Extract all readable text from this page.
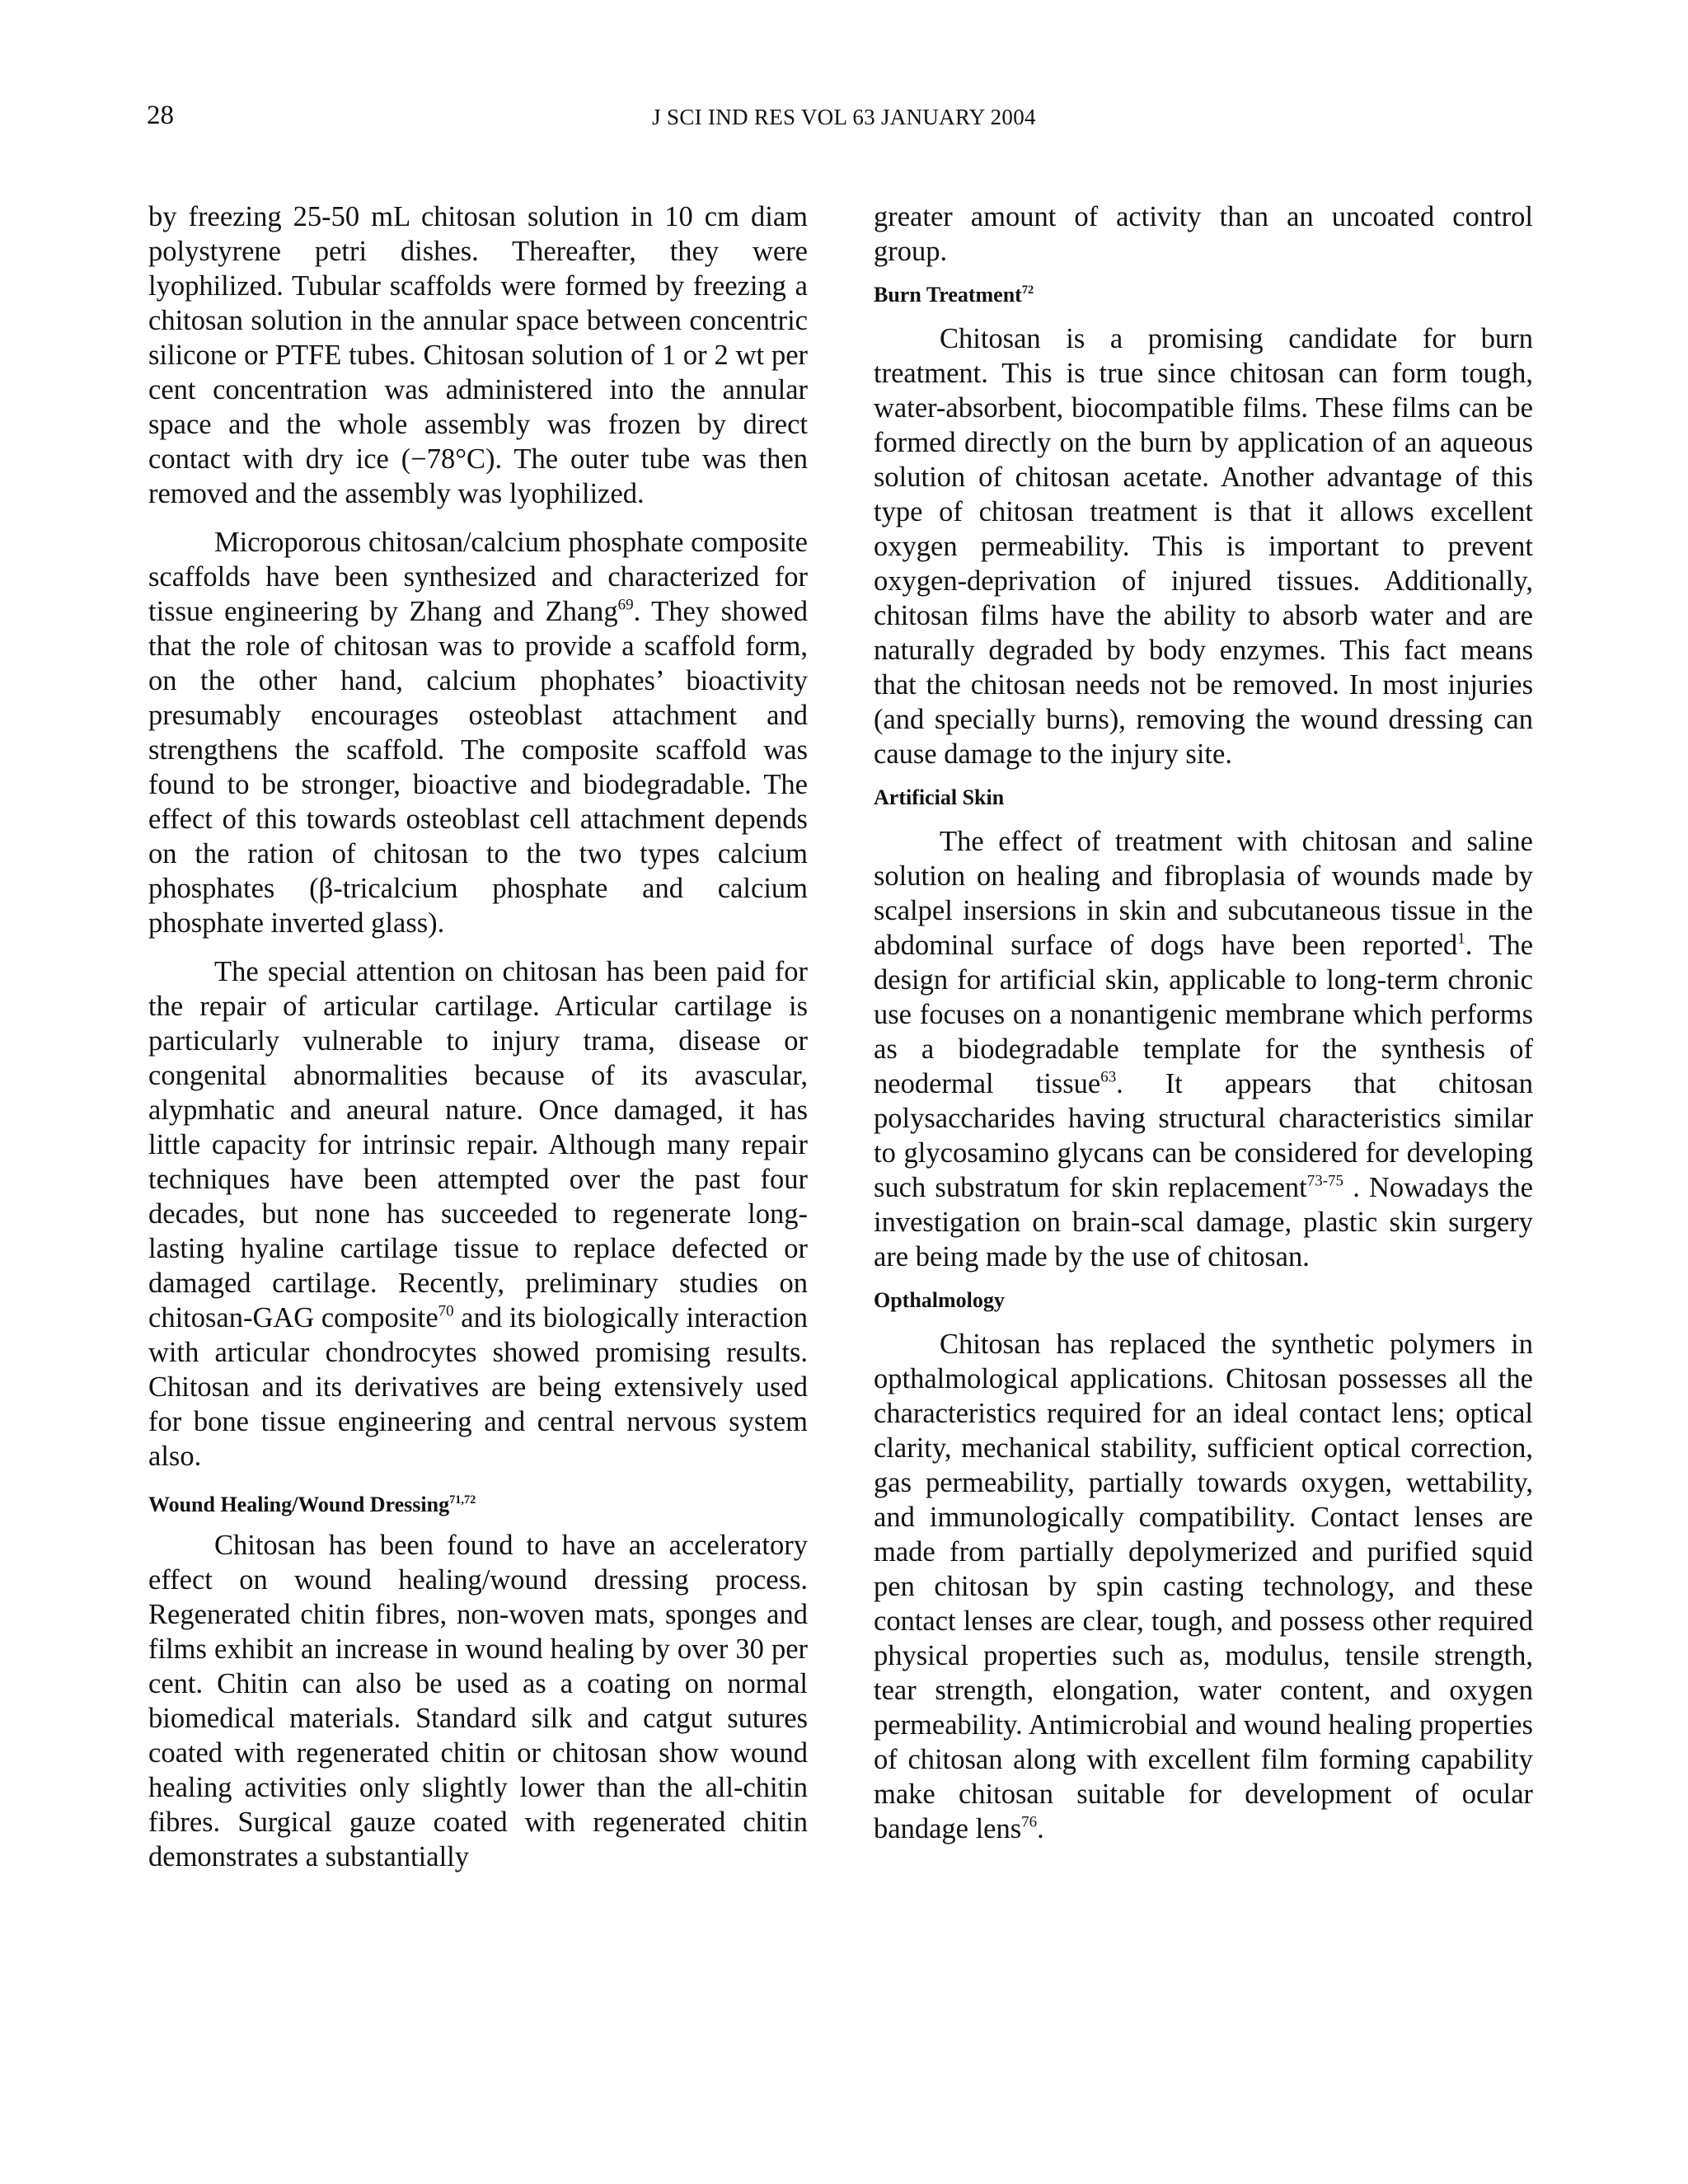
28	J SCI IND RES VOL 63 JANUARY 2004

by freezing 25-50 mL chitosan solution in 10 cm diam polystyrene petri dishes. Thereafter, they were lyophilized. Tubular scaffolds were formed by freezing a chitosan solution in the annular space between concentric silicone or PTFE tubes. Chitosan solution of 1 or 2 wt per cent concentration was administered into the annular space and the whole assembly was frozen by direct contact with dry ice (−78°C). The outer tube was then removed and the assembly was lyophilized.

Microporous chitosan/calcium phosphate composite scaffolds have been synthesized and characterized for tissue engineering by Zhang and Zhang$^{69}$. They showed that the role of chitosan was to provide a scaffold form, on the other hand, calcium phophates’ bioactivity presumably encourages osteoblast attachment and strengthens the scaffold. The composite scaffold was found to be stronger, bioactive and biodegradable. The effect of this towards osteoblast cell attachment depends on the ration of chitosan to the two types calcium phosphates (β-tricalcium phosphate and calcium phosphate inverted glass).

The special attention on chitosan has been paid for the repair of articular cartilage. Articular cartilage is particularly vulnerable to injury trama, disease or congenital abnormalities because of its avascular, alypmhatic and aneural nature. Once damaged, it has little capacity for intrinsic repair. Although many repair techniques have been attempted over the past four decades, but none has succeeded to regenerate long-lasting hyaline cartilage tissue to replace defected or damaged cartilage. Recently, preliminary studies on chitosan-GAG composite$^{70}$ and its biologically interaction with articular chondrocytes showed promising results. Chitosan and its derivatives are being extensively used for bone tissue engineering and central nervous system also.

Wound Healing/Wound Dressing$^{71,72}$

Chitosan has been found to have an acceleratory effect on wound healing/wound dressing process. Regenerated chitin fibres, non-woven mats, sponges and films exhibit an increase in wound healing by over 30 per cent. Chitin can also be used as a coating on normal biomedical materials. Standard silk and catgut sutures coated with regenerated chitin or chitosan show wound healing activities only slightly lower than the all-chitin fibres. Surgical gauze coated with regenerated chitin demonstrates a substantially

greater amount of activity than an uncoated control group.

Burn Treatment$^{72}$

Chitosan is a promising candidate for burn treatment. This is true since chitosan can form tough, water-absorbent, biocompatible films. These films can be formed directly on the burn by application of an aqueous solution of chitosan acetate. Another advantage of this type of chitosan treatment is that it allows excellent oxygen permeability. This is important to prevent oxygen-deprivation of injured tissues. Additionally, chitosan films have the ability to absorb water and are naturally degraded by body enzymes. This fact means that the chitosan needs not be removed. In most injuries (and specially burns), removing the wound dressing can cause damage to the injury site.

Artificial Skin

The effect of treatment with chitosan and saline solution on healing and fibroplasia of wounds made by scalpel insersions in skin and subcutaneous tissue in the abdominal surface of dogs have been reported$^1$. The design for artificial skin, applicable to long-term chronic use focuses on a nonantigenic membrane which performs as a biodegradable template for the synthesis of neodermal tissue$^{63}$. It appears that chitosan polysaccharides having structural characteristics similar to glycosamino glycans can be considered for developing such substratum for skin replacement$^{73-75}$ . Nowadays the investigation on brain-scal damage, plastic skin surgery are being made by the use of chitosan.

Opthalmology

Chitosan has replaced the synthetic polymers in opthalmological applications. Chitosan possesses all the characteristics required for an ideal contact lens; optical clarity, mechanical stability, sufficient optical correction, gas permeability, partially towards oxygen, wettability, and immunologically compatibility. Contact lenses are made from partially depolymerized and purified squid pen chitosan by spin casting technology, and these contact lenses are clear, tough, and possess other required physical properties such as, modulus, tensile strength, tear strength, elongation, water content, and oxygen permeability. Antimicrobial and wound healing properties of chitosan along with excellent film forming capability make chitosan suitable for development of ocular bandage lens$^{76}$.
